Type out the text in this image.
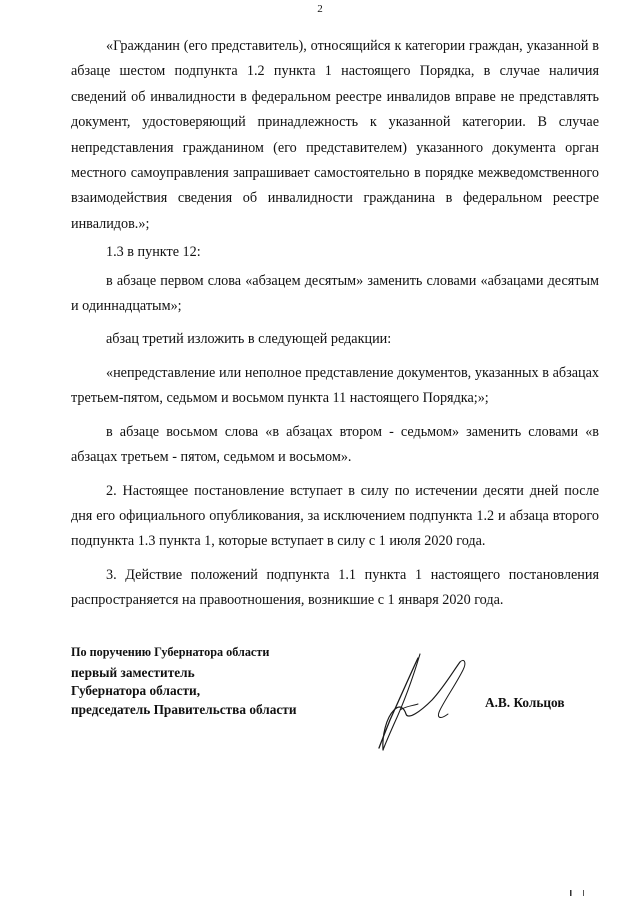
2

«Гражданин (его представитель), относящийся к категории граждан, указанной в абзаце шестом подпункта 1.2 пункта 1 настоящего Порядка, в случае наличия сведений об инвалидности в федеральном реестре инвалидов вправе не представлять документ, удостоверяющий принадлежность к указанной категории. В случае непредставления гражданином (его представителем) указанного документа орган местного самоуправления запрашивает самостоятельно в порядке межведомственного взаимодействия сведения об инвалидности гражданина в федеральном реестре инвалидов.»;

1.3 в пункте 12:

в абзаце первом слова «абзацем десятым» заменить словами «абзацами десятым и одиннадцатым»;

абзац третий изложить в следующей редакции:

«непредставление или неполное представление документов, указанных в абзацах третьем-пятом, седьмом и восьмом пункта 11 настоящего Порядка;»;

в абзаце восьмом слова «в абзацах втором - седьмом» заменить словами «в абзацах третьем - пятом, седьмом и восьмом».

2. Настоящее постановление вступает в силу по истечении десяти дней после дня его официального опубликования, за исключением подпункта 1.2 и абзаца второго подпункта 1.3 пункта 1, которые вступает в силу с 1 июля 2020 года.

3. Действие положений подпункта 1.1 пункта 1 настоящего постановления распространяется на правоотношения, возникшие с 1 января 2020 года.

По поручению Губернатора области
первый заместитель
Губернатора области,
председатель Правительства области	А.В. Кольцов
